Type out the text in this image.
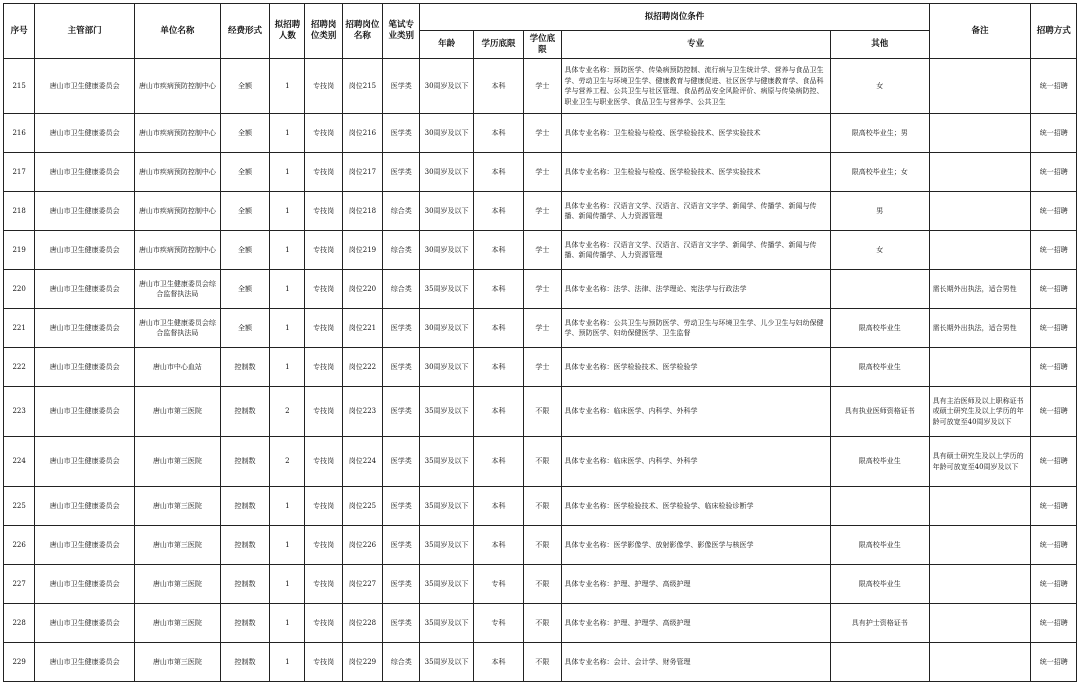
序号	主管部门	单位名称	经费形式	拟招聘人数	招聘岗位类别	招聘岗位名称	笔试专业类别	拟招聘岗位条件					备注	招聘方式
								年龄	学历底限	学位底限	专业	其他		
215	唐山市卫生健康委员会	唐山市疾病预防控制中心	全额	1	专技岗	岗位215	医学类	30周岁及以下	本科	学士	具体专业名称：预防医学、传染病预防控制、流行病与卫生统计学、营养与食品卫生学、劳动卫生与环境卫生学、健康教育与健康促进、社区医学与健康教育学、食品科学与营养工程、公共卫生与社区管理、食品药品安全风险评价、病原与传染病防控、职业卫生与职业医学、食品卫生与营养学、公共卫生	女		统一招聘
216	唐山市卫生健康委员会	唐山市疾病预防控制中心	全额	1	专技岗	岗位216	医学类	30周岁及以下	本科	学士	具体专业名称：卫生检验与检疫、医学检验技术、医学实验技术	限高校毕业生；男		统一招聘
217	唐山市卫生健康委员会	唐山市疾病预防控制中心	全额	1	专技岗	岗位217	医学类	30周岁及以下	本科	学士	具体专业名称：卫生检验与检疫、医学检验技术、医学实验技术	限高校毕业生；女		统一招聘
218	唐山市卫生健康委员会	唐山市疾病预防控制中心	全额	1	专技岗	岗位218	综合类	30周岁及以下	本科	学士	具体专业名称：汉语言文学、汉语言、汉语言文字学、新闻学、传播学、新闻与传播、新闻传播学、人力资源管理	男		统一招聘
219	唐山市卫生健康委员会	唐山市疾病预防控制中心	全额	1	专技岗	岗位219	综合类	30周岁及以下	本科	学士	具体专业名称：汉语言文学、汉语言、汉语言文字学、新闻学、传播学、新闻与传播、新闻传播学、人力资源管理	女		统一招聘
220	唐山市卫生健康委员会	唐山市卫生健康委员会综合监督执法局	全额	1	专技岗	岗位220	综合类	35周岁及以下	本科	学士	具体专业名称：法学、法律、法学理论、宪法学与行政法学		需长期外出执法，适合男性	统一招聘
221	唐山市卫生健康委员会	唐山市卫生健康委员会综合监督执法局	全额	1	专技岗	岗位221	医学类	30周岁及以下	本科	学士	具体专业名称：公共卫生与预防医学、劳动卫生与环境卫生学、儿少卫生与妇幼保健学、预防医学、妇幼保健医学、卫生监督	限高校毕业生	需长期外出执法，适合男性	统一招聘
222	唐山市卫生健康委员会	唐山市中心血站	控制数	1	专技岗	岗位222	医学类	30周岁及以下	本科	学士	具体专业名称：医学检验技术、医学检验学	限高校毕业生		统一招聘
223	唐山市卫生健康委员会	唐山市第三医院	控制数	2	专技岗	岗位223	医学类	35周岁及以下	本科	不限	具体专业名称：临床医学、内科学、外科学	具有执业医师资格证书	具有主治医师及以上职称证书或硕士研究生及以上学历的年龄可放宽至40周岁及以下	统一招聘
224	唐山市卫生健康委员会	唐山市第三医院	控制数	2	专技岗	岗位224	医学类	35周岁及以下	本科	不限	具体专业名称：临床医学、内科学、外科学	限高校毕业生	具有硕士研究生及以上学历的年龄可放宽至40周岁及以下	统一招聘
225	唐山市卫生健康委员会	唐山市第三医院	控制数	1	专技岗	岗位225	医学类	35周岁及以下	本科	不限	具体专业名称：医学检验技术、医学检验学、临床检验诊断学			统一招聘
226	唐山市卫生健康委员会	唐山市第三医院	控制数	1	专技岗	岗位226	医学类	35周岁及以下	本科	不限	具体专业名称：医学影像学、放射影像学、影像医学与核医学	限高校毕业生		统一招聘
227	唐山市卫生健康委员会	唐山市第三医院	控制数	1	专技岗	岗位227	医学类	35周岁及以下	专科	不限	具体专业名称：护理、护理学、高级护理	限高校毕业生		统一招聘
228	唐山市卫生健康委员会	唐山市第三医院	控制数	1	专技岗	岗位228	医学类	35周岁及以下	专科	不限	具体专业名称：护理、护理学、高级护理	具有护士资格证书		统一招聘
229	唐山市卫生健康委员会	唐山市第三医院	控制数	1	专技岗	岗位229	综合类	35周岁及以下	本科	不限	具体专业名称：会计、会计学、财务管理			统一招聘
